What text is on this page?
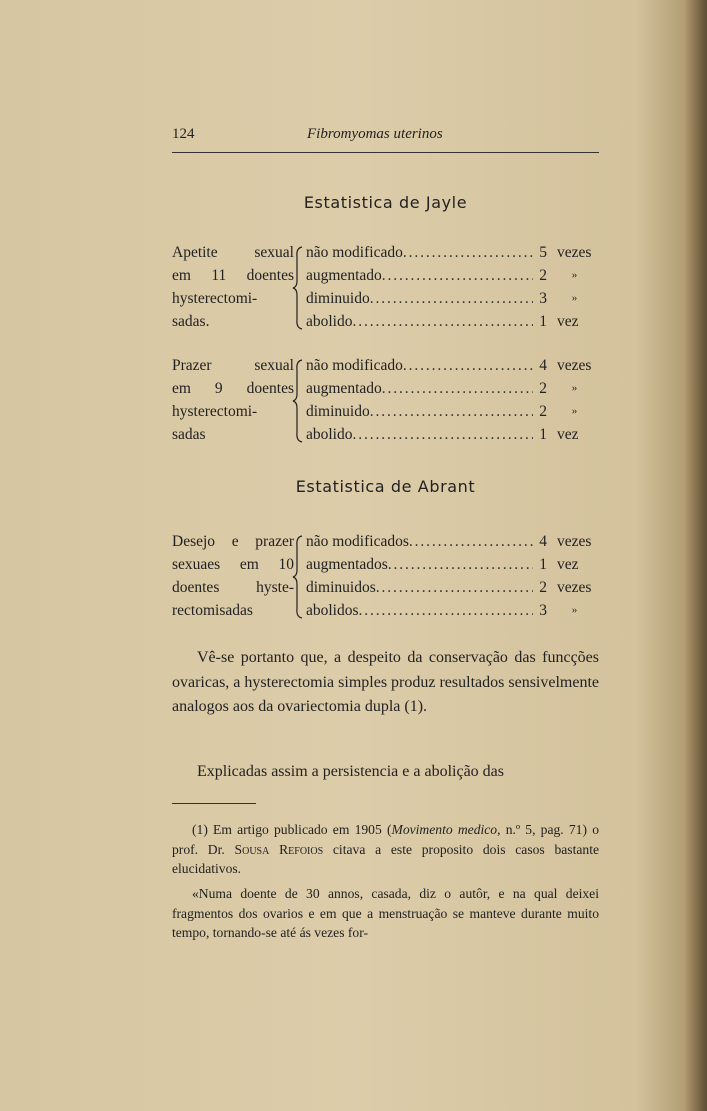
124	Fibromyomas uterinos
Estatistica de Jayle
Apetite sexual
em 11 doentes
hysterectomi-
sadas.
não modificado . . .	5 vezes
augmentado . . .	2	»
diminuido . . .	3	»
abolido . . .	1 vez
Prazer sexual
em 9 doentes
hysterectomi-
sadas
não modificado . . .	4 vezes
augmentado . . .	2	»
diminuido . . .	2	»
abolido . . .	1 vez
Estatistica de Abrant
Desejo e prazer
sexuaes em 10
doentes hyste-
rectomisadas
não modificados . . .	4 vezes
augmentados . . .	1 vez
diminuidos . . .	2 vezes
abolidos . . .	3	»

Vê-se portanto que, a despeito da conservação das funcções ovaricas, a hysterectomia simples produz resultados sensivelmente analogos aos da ovariectomia dupla (1).

Explicadas assim a persistencia e a abolição das

(1) Em artigo publicado em 1905 (Movimento medico, n.º 5, pag. 71) o prof. Dr. Sousa Refoios citava a este proposito dois casos bastante elucidativos.

«Numa doente de 30 annos, casada, diz o autôr, e na qual deixei fragmentos dos ovarios e em que a menstruação se manteve durante muito tempo, tornando-se até ás vezes for-
